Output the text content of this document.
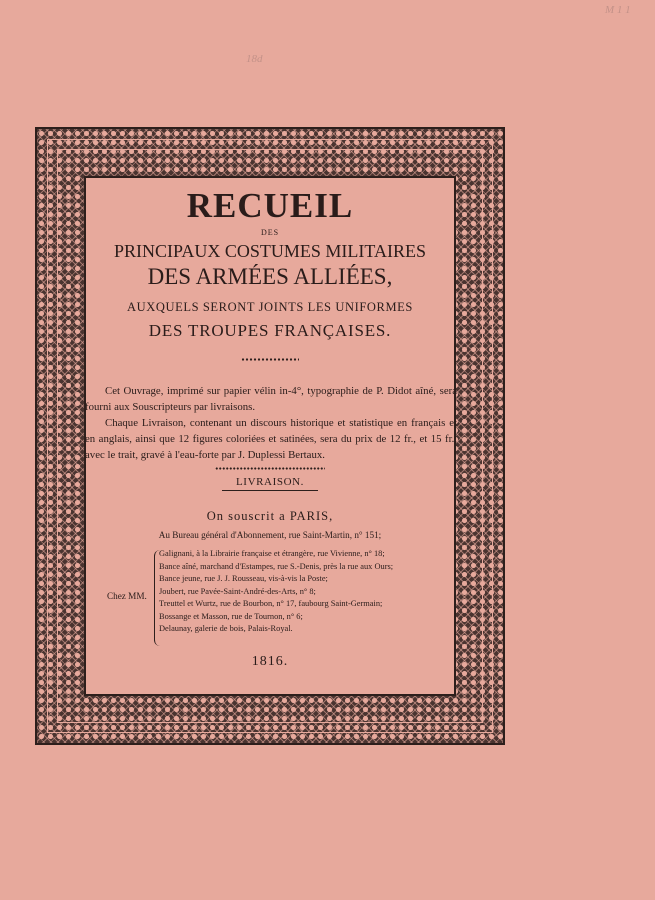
18d
M 1 1
RECUEIL
DES
PRINCIPAUX COSTUMES MILITAIRES
DES ARMÉES ALLIÉES,
AUXQUELS SERONT JOINTS LES UNIFORMES
DES TROUPES FRANÇAISES.

Cet Ouvrage, imprimé sur papier vélin in-4°, typographie de P. Didot aîné, sera fourni aux Souscripteurs par livraisons.

Chaque Livraison, contenant un discours historique et statistique en français et en anglais, ainsi que 12 figures coloriées et satinées, sera du prix de 12 fr., et 15 fr., avec le trait, gravé à l'eau-forte par J. Duplessi Bertaux.

LIVRAISON.
On souscrit a PARIS,
Au Bureau général d'Abonnement, rue Saint-Martin, n° 151;
Chez MM.
Galignani, à la Librairie française et étrangère, rue Vivienne, n° 18;
Bance aîné, marchand d'Estampes, rue S.-Denis, près la rue aux Ours;
Bance jeune, rue J. J. Rousseau, vis-à-vis la Poste;
Joubert, rue Pavée-Saint-André-des-Arts, n° 8;
Treuttel et Wurtz, rue de Bourbon, n° 17, faubourg Saint-Germain;
Bossange et Masson, rue de Tournon, n° 6;
Delaunay, galerie de bois, Palais-Royal.
1816.
